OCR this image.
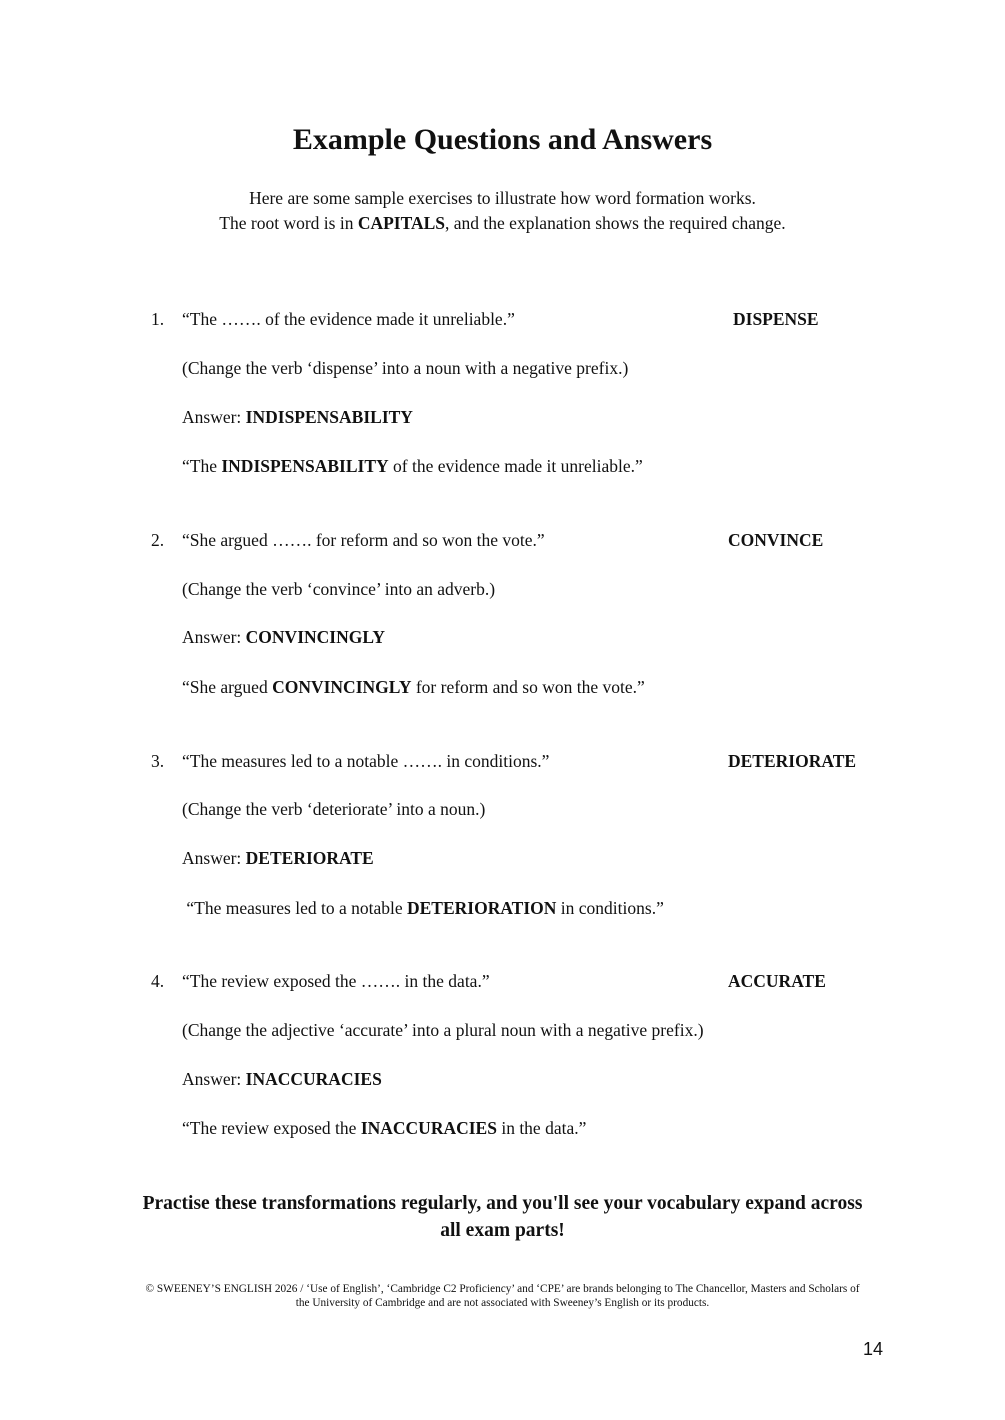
Example Questions and Answers
Here are some sample exercises to illustrate how word formation works.
The root word is in CAPITALS, and the explanation shows the required change.
1.	“The ……. of the evidence made it unreliable.”	DISPENSE
(Change the verb ‘dispense’ into a noun with a negative prefix.)
Answer: INDISPENSABILITY
“The INDISPENSABILITY of the evidence made it unreliable.”
2.	“She argued ……. for reform and so won the vote.”	CONVINCE
(Change the verb ‘convince’ into an adverb.)
Answer: CONVINCINGLY
“She argued CONVINCINGLY for reform and so won the vote.”
3.	“The measures led to a notable ……. in conditions.”	DETERIORATE
(Change the verb ‘deteriorate’ into a noun.)
Answer: DETERIORATE
“The measures led to a notable DETERIORATION in conditions.”
4.	“The review exposed the ……. in the data.”	ACCURATE
(Change the adjective ‘accurate’ into a plural noun with a negative prefix.)
Answer: INACCURACIES
“The review exposed the INACCURACIES in the data.”
Practise these transformations regularly, and you'll see your vocabulary expand across
all exam parts!
© SWEENEY’S ENGLISH 2026 / ‘Use of English’, ‘Cambridge C2 Proficiency’ and ‘CPE’ are brands belonging to The Chancellor, Masters and Scholars of
the University of Cambridge and are not associated with Sweeney’s English or its products.
14
